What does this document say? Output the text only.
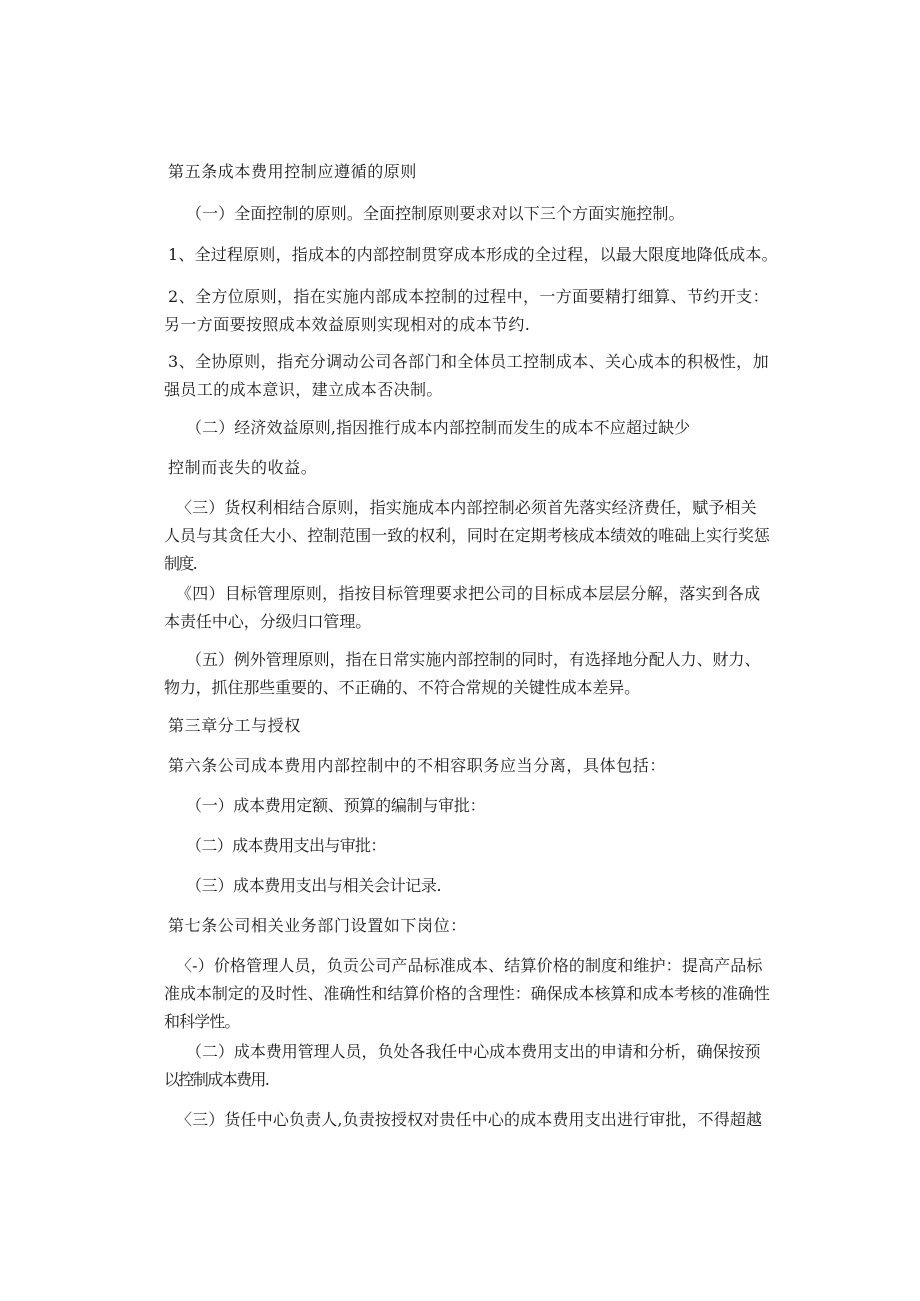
第五条成本费用控制应遵循的原则
（一）全面控制的原则。全面控制原则要求对以下三个方面实施控制。
1、全过程原则，指成本的内部控制贯穿成本形成的全过程，以最大限度地降低成本。
2、全方位原则，指在实施内部成本控制的过程中，一方面要精打细算、节约开支：
另一方面要按照成本效益原则实现相对的成本节约.
3、全协原则，指充分调动公司各部门和全体员工控制成本、关心成本的积极性，加
强员工的成本意识，建立成本否决制。
（二）经济效益原则,指因推行成本内部控制而发生的成本不应超过缺少
控制而丧失的收益。
〈三）货权利相结合原则，指实施成本内部控制必须首先落实经济费任，赋予相关
人员与其贪任大小、控制范围一致的权利，同时在定期考核成本绩效的唯础上实行奖惩
制度.
《四）目标管理原则，指按目标管理要求把公司的目标成本层层分解，落实到各成
本责任中心，分级归口管理。
（五）例外管理原则，指在日常实施内部控制的同时，有选择地分配人力、财力、
物力，抓住那些重要的、不正确的、不符合常规的关键性成本差异。
第三章分工与授权
第六条公司成本费用内部控制中的不相容职务应当分离，具体包括：
（一）成本费用定额、预算的编制与审批：
（二）成本费用支出与审批：
（三）成本费用支出与相关会计记录.
第七条公司相关业务部门设置如下岗位：
〈-）价格管理人员，负贡公司产品标准成本、结算价格的制度和维护：提高产品标
准成本制定的及时性、准确性和结算价格的含理性：确保成本核算和成本考核的准确性
和科学性。
（二）成本费用管理人员，负处各我任中心成本费用支出的申请和分析，确保按预
以控制成本费用.
〈三）货任中心负责人,负责按授权对贵任中心的成本费用支出进行审批，不得超越
